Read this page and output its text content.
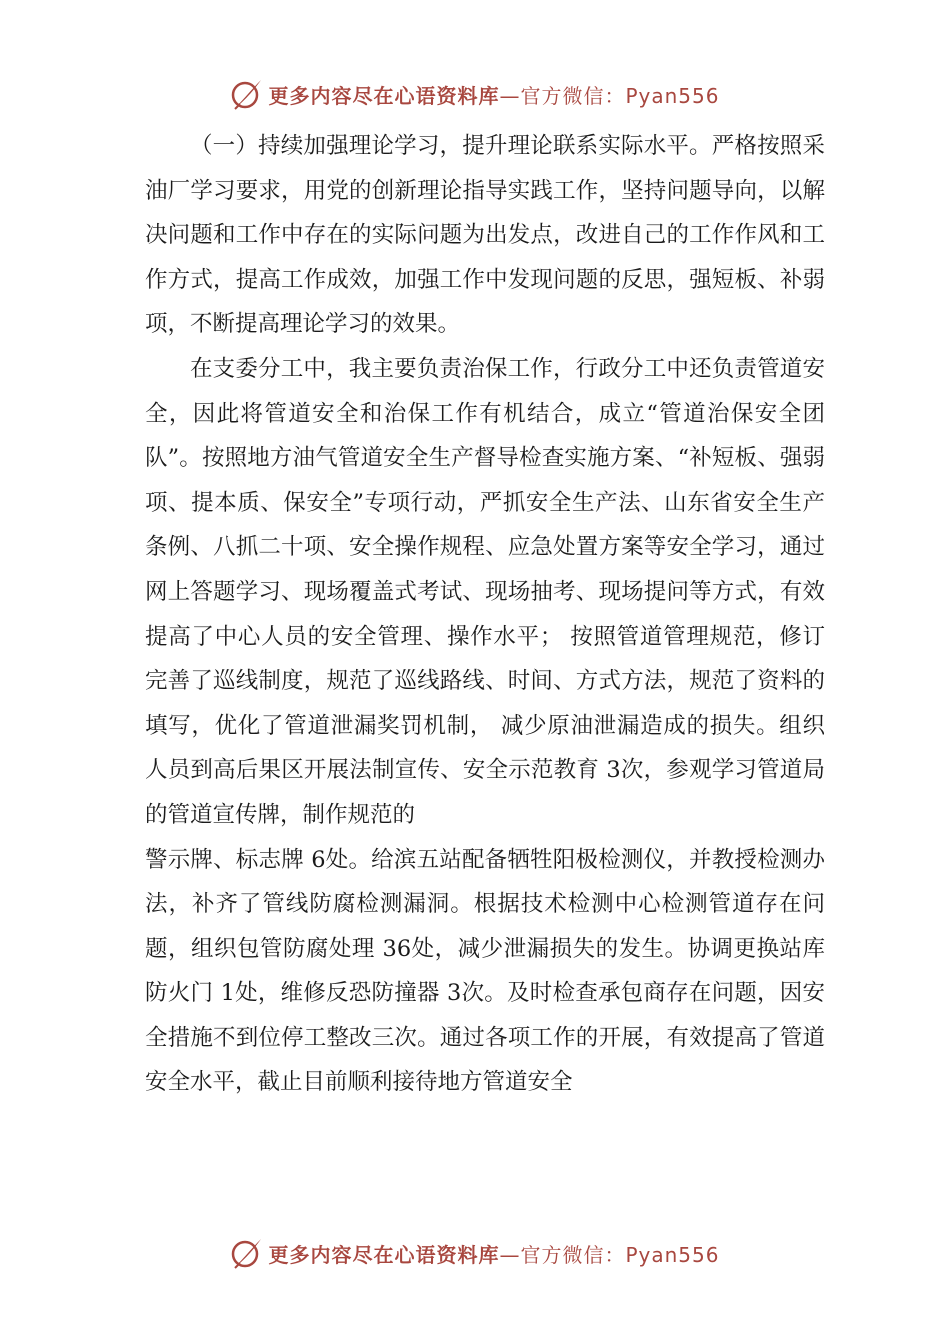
更多内容尽在心语资料库—官方微信：Pyan556

（一）持续加强理论学习，提升理论联系实际水平。严格按照采油厂学习要求，用党的创新理论指导实践工作，坚持问题导向，以解决问题和工作中存在的实际问题为出发点，改进自己的工作作风和工作方式，提高工作成效，加强工作中发现问题的反思，强短板、补弱项，不断提高理论学习的效果。

在支委分工中，我主要负责治保工作，行政分工中还负责管道安全，因此将管道安全和治保工作有机结合，成立“管道治保安全团队”。按照地方油气管道安全生产督导检查实施方案、“补短板、强弱项、提本质、保安全”专项行动，严抓安全生产法、山东省安全生产条例、八抓二十项、安全操作规程、应急处置方案等安全学习，通过网上答题学习、现场覆盖式考试、现场抽考、现场提问等方式，有效提高了中心人员的安全管理、操作水平； 按照管道管理规范，修订完善了巡线制度，规范了巡线路线、时间、方式方法，规范了资料的填写，优化了管道泄漏奖罚机制， 减少原油泄漏造成的损失。组织人员到高后果区开展法制宣传、安全示范教育 3次，参观学习管道局的管道宣传牌，制作规范的

警示牌、标志牌 6处。给滨五站配备牺牲阳极检测仪，并教授检测办法，补齐了管线防腐检测漏洞。根据技术检测中心检测管道存在问题，组织包管防腐处理 36处，减少泄漏损失的发生。协调更换站库防火门 1处，维修反恐防撞器 3次。及时检查承包商存在问题，因安全措施不到位停工整改三次。通过各项工作的开展，有效提高了管道安全水平，截止目前顺利接待地方管道安全

更多内容尽在心语资料库—官方微信：Pyan556
